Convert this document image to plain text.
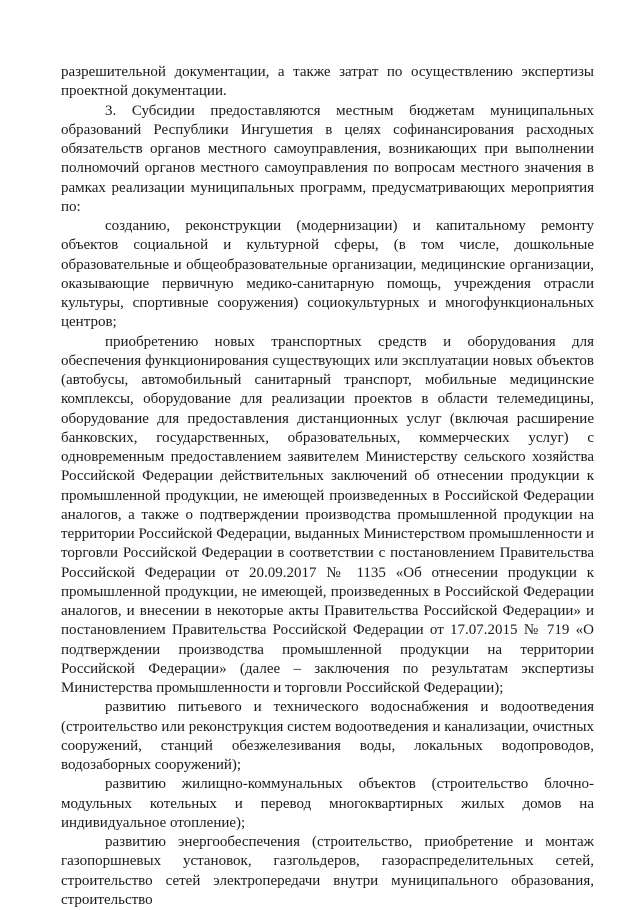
разрешительной документации, а также затрат по осуществлению экспертизы проектной документации.

3. Субсидии предоставляются местным бюджетам муниципальных образований Республики Ингушетия в целях софинансирования расходных обязательств органов местного самоуправления, возникающих при выполнении полномочий органов местного самоуправления по вопросам местного значения в рамках реализации муниципальных программ, предусматривающих мероприятия по:

созданию, реконструкции (модернизации) и капитальному ремонту объектов социальной и культурной сферы, (в том числе, дошкольные образовательные и общеобразовательные организации, медицинские организации, оказывающие первичную медико-санитарную помощь, учреждения отрасли культуры, спортивные сооружения) социокультурных и многофункциональных центров;

приобретению новых транспортных средств и оборудования для обеспечения функционирования существующих или эксплуатации новых объектов (автобусы, автомобильный санитарный транспорт, мобильные медицинские комплексы, оборудование для реализации проектов в области телемедицины, оборудование для предоставления дистанционных услуг (включая расширение банковских, государственных, образовательных, коммерческих услуг) с одновременным предоставлением заявителем Министерству сельского хозяйства Российской Федерации действительных заключений об отнесении продукции к промышленной продукции, не имеющей произведенных в Российской Федерации аналогов, а также о подтверждении производства промышленной продукции на территории Российской Федерации, выданных Министерством промышленности и торговли Российской Федерации в соответствии с постановлением Правительства Российской Федерации от 20.09.2017 № 1135 «Об отнесении продукции к промышленной продукции, не имеющей, произведенных в Российской Федерации аналогов, и внесении в некоторые акты Правительства Российской Федерации» и постановлением Правительства Российской Федерации от 17.07.2015 № 719 «О подтверждении производства промышленной продукции на территории Российской Федерации» (далее – заключения по результатам экспертизы Министерства промышленности и торговли Российской Федерации);

развитию питьевого и технического водоснабжения и водоотведения (строительство или реконструкция систем водоотведения и канализации, очистных сооружений, станций обезжелезивания воды, локальных водопроводов, водозаборных сооружений);

развитию жилищно-коммунальных объектов (строительство блочно-модульных котельных и перевод многоквартирных жилых домов на индивидуальное отопление);

развитию энергообеспечения (строительство, приобретение и монтаж газопоршневых установок, газгольдеров, газораспределительных сетей, строительство сетей электропередачи внутри муниципального образования, строительство
